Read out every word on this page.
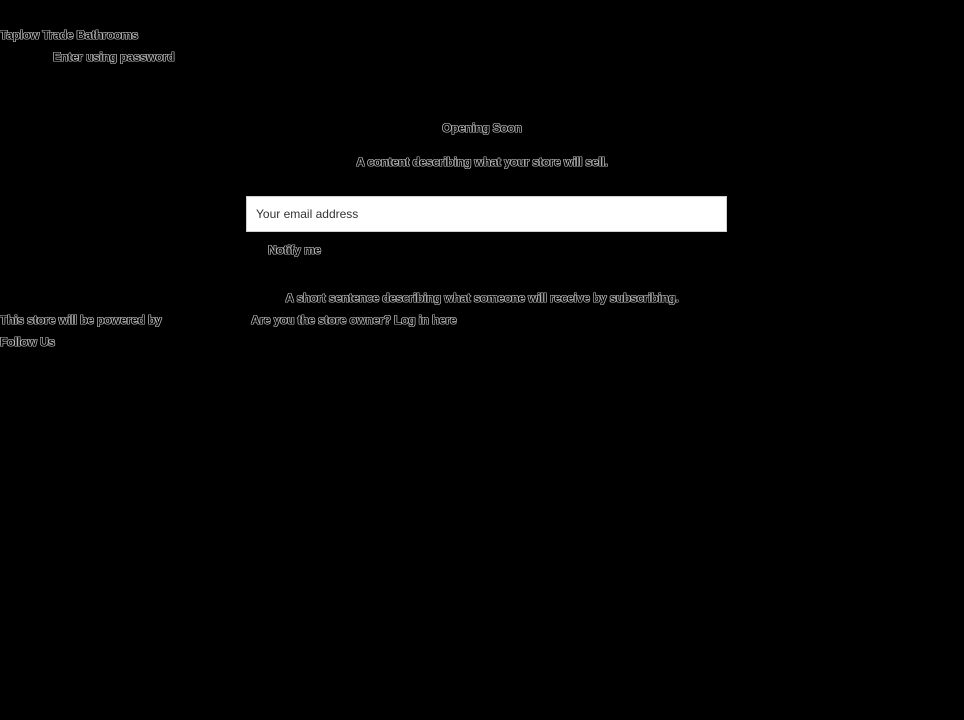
Taplow Trade Bathrooms
Enter using password
Opening Soon
A content describing what your store will sell.
Your email address
Notify me
A short sentence describing what someone will receive by subscribing.
This store will be powered by	Are you the store owner? Log in here
Follow Us
